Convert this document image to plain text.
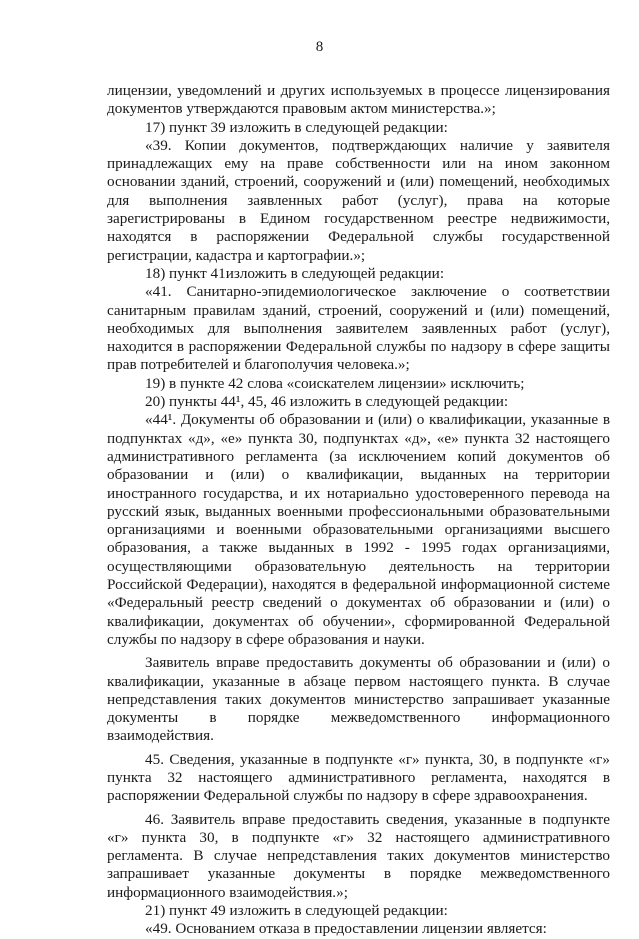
8

лицензии, уведомлений и других используемых в процессе лицензирования документов утверждаются правовым актом министерства.»;

17) пункт 39 изложить в следующей редакции:

«39. Копии документов, подтверждающих наличие у заявителя принадлежащих ему на праве собственности или на ином законном основании зданий, строений, сооружений и (или) помещений, необходимых для выполнения заявленных работ (услуг), права на которые зарегистрированы в Едином государственном реестре недвижимости, находятся в распоряжении Федеральной службы государственной регистрации, кадастра и картографии.»;

18) пункт 41изложить в следующей редакции:

«41. Санитарно-эпидемиологическое заключение о соответствии санитарным правилам зданий, строений, сооружений и (или) помещений, необходимых для выполнения заявителем заявленных работ (услуг), находится в распоряжении Федеральной службы по надзору в сфере защиты прав потребителей и благополучия человека.»;

19) в пункте 42 слова «соискателем лицензии» исключить;

20) пункты 44¹, 45, 46 изложить в следующей редакции:

«44¹. Документы об образовании и (или) о квалификации, указанные в подпунктах «д», «е» пункта 30, подпунктах «д», «е» пункта 32 настоящего административного регламента (за исключением копий документов об образовании и (или) о квалификации, выданных на территории иностранного государства, и их нотариально удостоверенного перевода на русский язык, выданных военными профессиональными образовательными организациями и военными образовательными организациями высшего образования, а также выданных в 1992 - 1995 годах организациями, осуществляющими образовательную деятельность на территории Российской Федерации), находятся в федеральной информационной системе «Федеральный реестр сведений о документах об образовании и (или) о квалификации, документах об обучении», сформированной Федеральной службы по надзору в сфере образования и науки.

Заявитель вправе предоставить документы об образовании и (или) о квалификации, указанные в абзаце первом настоящего пункта. В случае непредставления таких документов министерство запрашивает указанные документы в порядке межведомственного информационного взаимодействия.

45. Сведения, указанные в подпункте «г» пункта, 30, в подпункте «г» пункта 32 настоящего административного регламента, находятся в распоряжении Федеральной службы по надзору в сфере здравоохранения.

46. Заявитель вправе предоставить сведения, указанные в подпункте «г» пункта 30, в подпункте «г» 32 настоящего административного регламента. В случае непредставления таких документов министерство запрашивает указанные документы в порядке межведомственного информационного взаимодействия.»;

21) пункт 49 изложить в следующей редакции:

«49. Основанием отказа в предоставлении лицензии является:
